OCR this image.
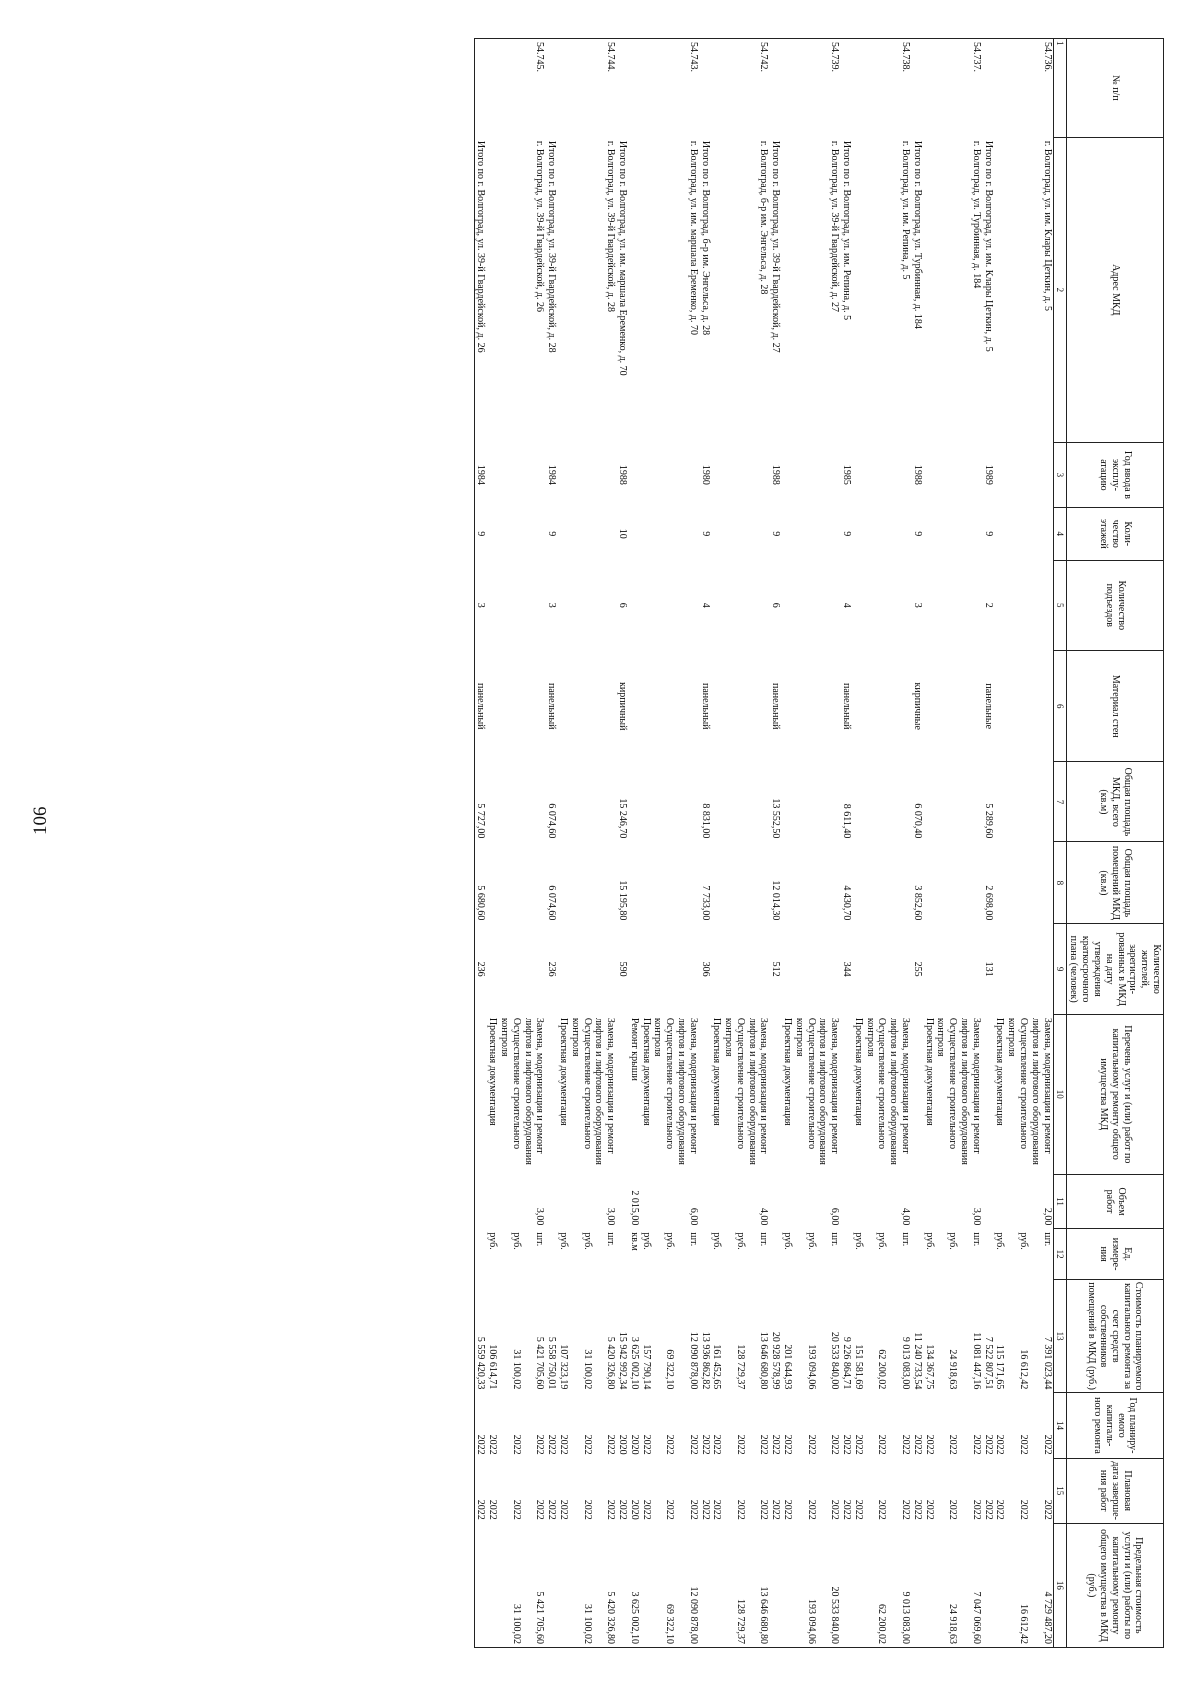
106
№ п/п	Адрес МКД	Год ввода в эксплу-атацию	Коли-чество этажей	Количество подъездов	Материал стен	Общая площадь МКД, всего (кв.м)	Общая площадь помещений МКД (кв.м)	Количество жителей, зарегистри-рованных в МКД на дату утверждения краткосрочного плана (человек)	Перечень услуг и (или) работ по капитальному ремонту общего имущества МКД	Объем работ	Ед. измере-ния	Стоимость планируемого капитального ремонта за счет средств собственников помещений в МКД (руб.)	Год планиру-емого капиталь-ного ремонта	Плановая дата заверше-ния работ	Предельная стоимость услуги и (или) работы по капитальному ремонту общего имущества в МКД (руб.)
1	2	3	4	5	6	7	8	9	10	11	12	13	14	15	16
54.736.	г. Волгоград, ул. им. Клары Цеткин, д. 5								Замена, модернизация и ремонт лифтов и лифтового оборудования	2,00	шт.	7 391 023,44	2022	2022	4 729 487,20
									Осуществление строительного контроля		руб.	16 612,42	2022	2022	16 612,42
									Проектная документация		руб.	115 171,65	2022	2022	
	Итого по г. Волгоград, ул. им. Клары Цеткин, д. 5	1989	9	2	панельные	5 289,60	2 698,00	131				7 522 807,51	2022	2022	
54.737.	г. Волгоград, ул. Турбинная, д. 184								Замена, модернизация и ремонт лифтов и лифтового оборудования	3,00	шт.	11 081 447,16	2022	2022	7 047 069,60
									Осуществление строительного контроля		руб.	24 918,63	2022	2022	24 918,63
									Проектная документация		руб.	134 367,75	2022	2022	
	Итого по г. Волгоград, ул. Турбинная, д. 184	1988	9	3	кирпичные	6 070,40	3 852,60	255				11 240 733,54	2022	2022	
54.738.	г. Волгоград, ул. им. Репина, д. 5								Замена, модернизация и ремонт лифтов и лифтового оборудования	4,00	шт.	9 013 083,00	2022	2022	9 013 083,00
									Осуществление строительного контроля		руб.	62 200,02	2022	2022	62 200,02
									Проектная документация		руб.	151 581,69	2022	2022	
	Итого по г. Волгоград, ул. им. Репина, д. 5	1985	9	4	панельный	8 611,40	4 430,70	344				9 226 864,71	2022	2022	
54.739.	г. Волгоград, ул. 39-й Гвардейской, д. 27								Замена, модернизация и ремонт лифтов и лифтового оборудования	6,00	шт.	20 533 840,00	2022	2022	20 533 840,00
									Осуществление строительного контроля		руб.	193 094,06	2022	2022	193 094,06
									Проектная документация		руб.	201 644,93	2022	2022	
	Итого по г. Волгоград, ул. 39-й Гвардейской, д. 27	1988	9	6	панельный	13 552,50	12 014,30	512				20 928 578,99	2022	2022	
54.742.	г. Волгоград, б-р им. Энгельса, д. 28								Замена, модернизация и ремонт лифтов и лифтового оборудования	4,00	шт.	13 646 680,80	2022	2022	13 646 680,80
									Осуществление строительного контроля		руб.	128 729,37	2022	2022	128 729,37
									Проектная документация		руб.	161 452,65	2022	2022	
	Итого по г. Волгоград, б-р им. Энгельса, д. 28	1980	9	4	панельный	8 831,00	7 733,00	306				13 936 862,82	2022	2022	
54.743.	г. Волгоград, ул. им. маршала Еременко, д. 70								Замена, модернизация и ремонт лифтов и лифтового оборудования	6,00	шт.	12 090 878,00	2022	2022	12 090 878,00
									Осуществление строительного контроля		руб.	69 322,10	2022	2022	69 322,10
									Проектная документация		руб.	157 790,14	2022	2022	
									Ремонт крыши	2 015,00	кв.м	3 625 002,10	2020	2020	3 625 002,10
	Итого по г. Волгоград, ул. им. маршала Еременко, д. 70	1988	10	6	кирпичный	15 246,70	15 195,80	590				15 942 992,34	2020	2022	
54.744.	г. Волгоград, ул. 39-й Гвардейской, д. 28								Замена, модернизация и ремонт лифтов и лифтового оборудования	3,00	шт.	5 420 326,80	2022	2022	5 420 326,80
									Осуществление строительного контроля		руб.	31 100,02	2022	2022	31 100,02
									Проектная документация		руб.	107 323,19	2022	2022	
	Итого по г. Волгоград, ул. 39-й Гвардейской, д. 28	1984	9	3	панельный	6 074,60	6 074,60	236				5 558 750,01	2022	2022	
54.745.	г. Волгоград, ул. 39-й Гвардейской, д. 26								Замена, модернизация и ремонт лифтов и лифтового оборудования	3,00	шт.	5 421 705,60	2022	2022	5 421 705,60
									Осуществление строительного контроля		руб.	31 100,02	2022	2022	31 100,02
									Проектная документация		руб.	106 614,71	2022	2022	
	Итого по г. Волгоград, ул. 39-й Гвардейской, д. 26	1984	9	3	панельный	5 727,00	5 680,60	236				5 559 420,33	2022	2022	
